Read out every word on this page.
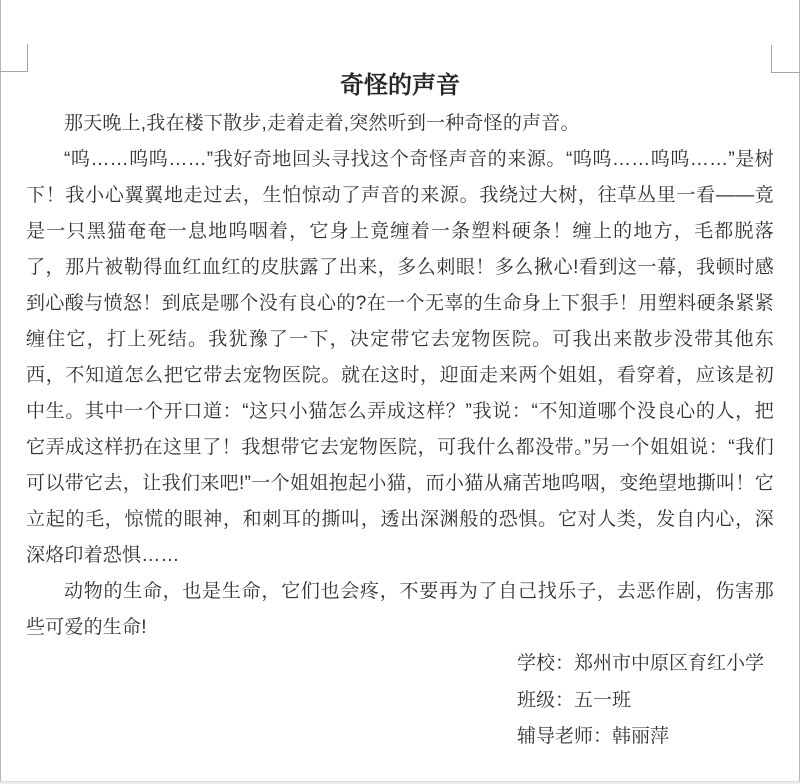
奇怪的声音

那天晚上,我在楼下散步,走着走着,突然听到一种奇怪的声音。

“呜……呜呜……”我好奇地回头寻找这个奇怪声音的来源。“呜呜……呜呜……”是树下！我小心翼翼地走过去，生怕惊动了声音的来源。我绕过大树，往草丛里一看——竟是一只黑猫奄奄一息地呜咽着，它身上竟缠着一条塑料硬条！缠上的地方，毛都脱落了，那片被勒得血红血红的皮肤露了出来，多么刺眼！多么揪心!看到这一幕，我顿时感到心酸与愤怒！到底是哪个没有良心的?在一个无辜的生命身上下狠手！用塑料硬条紧紧缠住它，打上死结。我犹豫了一下，决定带它去宠物医院。可我出来散步没带其他东西，不知道怎么把它带去宠物医院。就在这时，迎面走来两个姐姐，看穿着，应该是初中生。其中一个开口道：“这只小猫怎么弄成这样？”我说：“不知道哪个没良心的人，把它弄成这样扔在这里了！我想带它去宠物医院，可我什么都没带。”另一个姐姐说：“我们可以带它去，让我们来吧!”一个姐姐抱起小猫，而小猫从痛苦地呜咽，变绝望地撕叫！它立起的毛，惊慌的眼神，和刺耳的撕叫，透出深渊般的恐惧。它对人类，发自内心，深深烙印着恐惧……

动物的生命，也是生命，它们也会疼，不要再为了自己找乐子，去恶作剧，伤害那些可爱的生命!

学校：郑州市中原区育红小学
班级：五一班
辅导老师：韩丽萍
